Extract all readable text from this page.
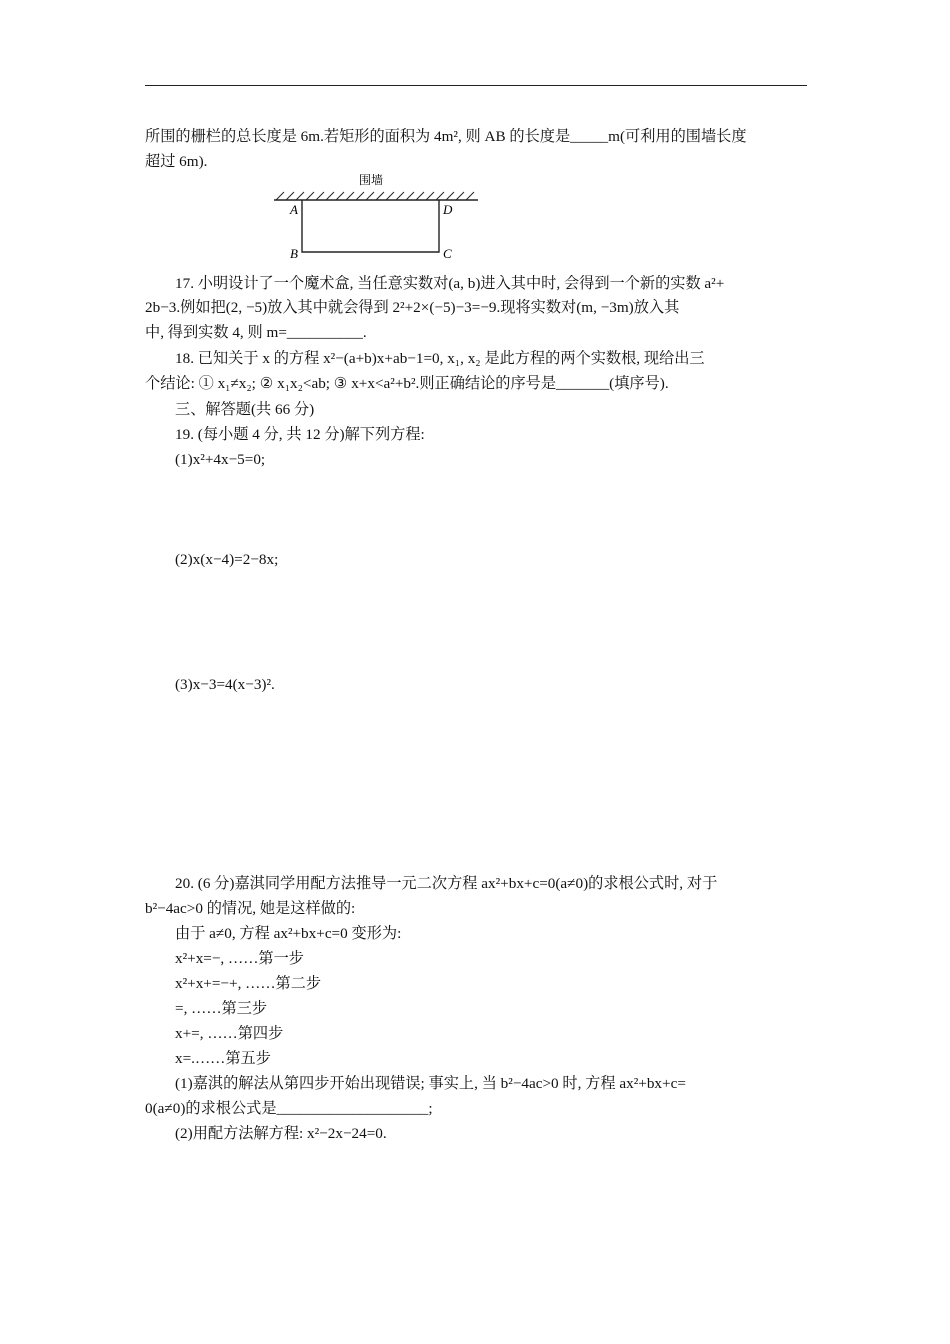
所围的栅栏的总长度是 6m.若矩形的面积为 4m², 则 AB 的长度是_____m(可利用的围墙长度
超过 6m).
围墙
A
B	C
D
17. 小明设计了一个魔术盒, 当任意实数对(a, b)进入其中时, 会得到一个新的实数 a²+
2b−3.例如把(2, −5)放入其中就会得到 2²+2×(−5)−3=−9.现将实数对(m, −3m)放入其
中, 得到实数 4, 则 m=__________.
18. 已知关于 x 的方程 x²−(a+b)x+ab−1=0, x₁, x₂ 是此方程的两个实数根, 现给出三
个结论: ① x₁≠x₂; ② x₁x₂<ab; ③ x+x<a²+b².则正确结论的序号是_______(填序号).
三、解答题(共 66 分)
19. (每小题 4 分, 共 12 分)解下列方程:
(1)x²+4x−5=0;
(2)x(x−4)=2−8x;
(3)x−3=4(x−3)².
20. (6 分)嘉淇同学用配方法推导一元二次方程 ax²+bx+c=0(a≠0)的求根公式时, 对于
b²−4ac>0 的情况, 她是这样做的:
由于 a≠0, 方程 ax²+bx+c=0 变形为:
x²+x=−, ……第一步
x²+x+=−+, ……第二步
=, ……第三步
x+=, ……第四步
x=.……第五步
(1)嘉淇的解法从第四步开始出现错误; 事实上, 当 b²−4ac>0 时, 方程 ax²+bx+c=
0(a≠0)的求根公式是____________________;
(2)用配方法解方程: x²−2x−24=0.
